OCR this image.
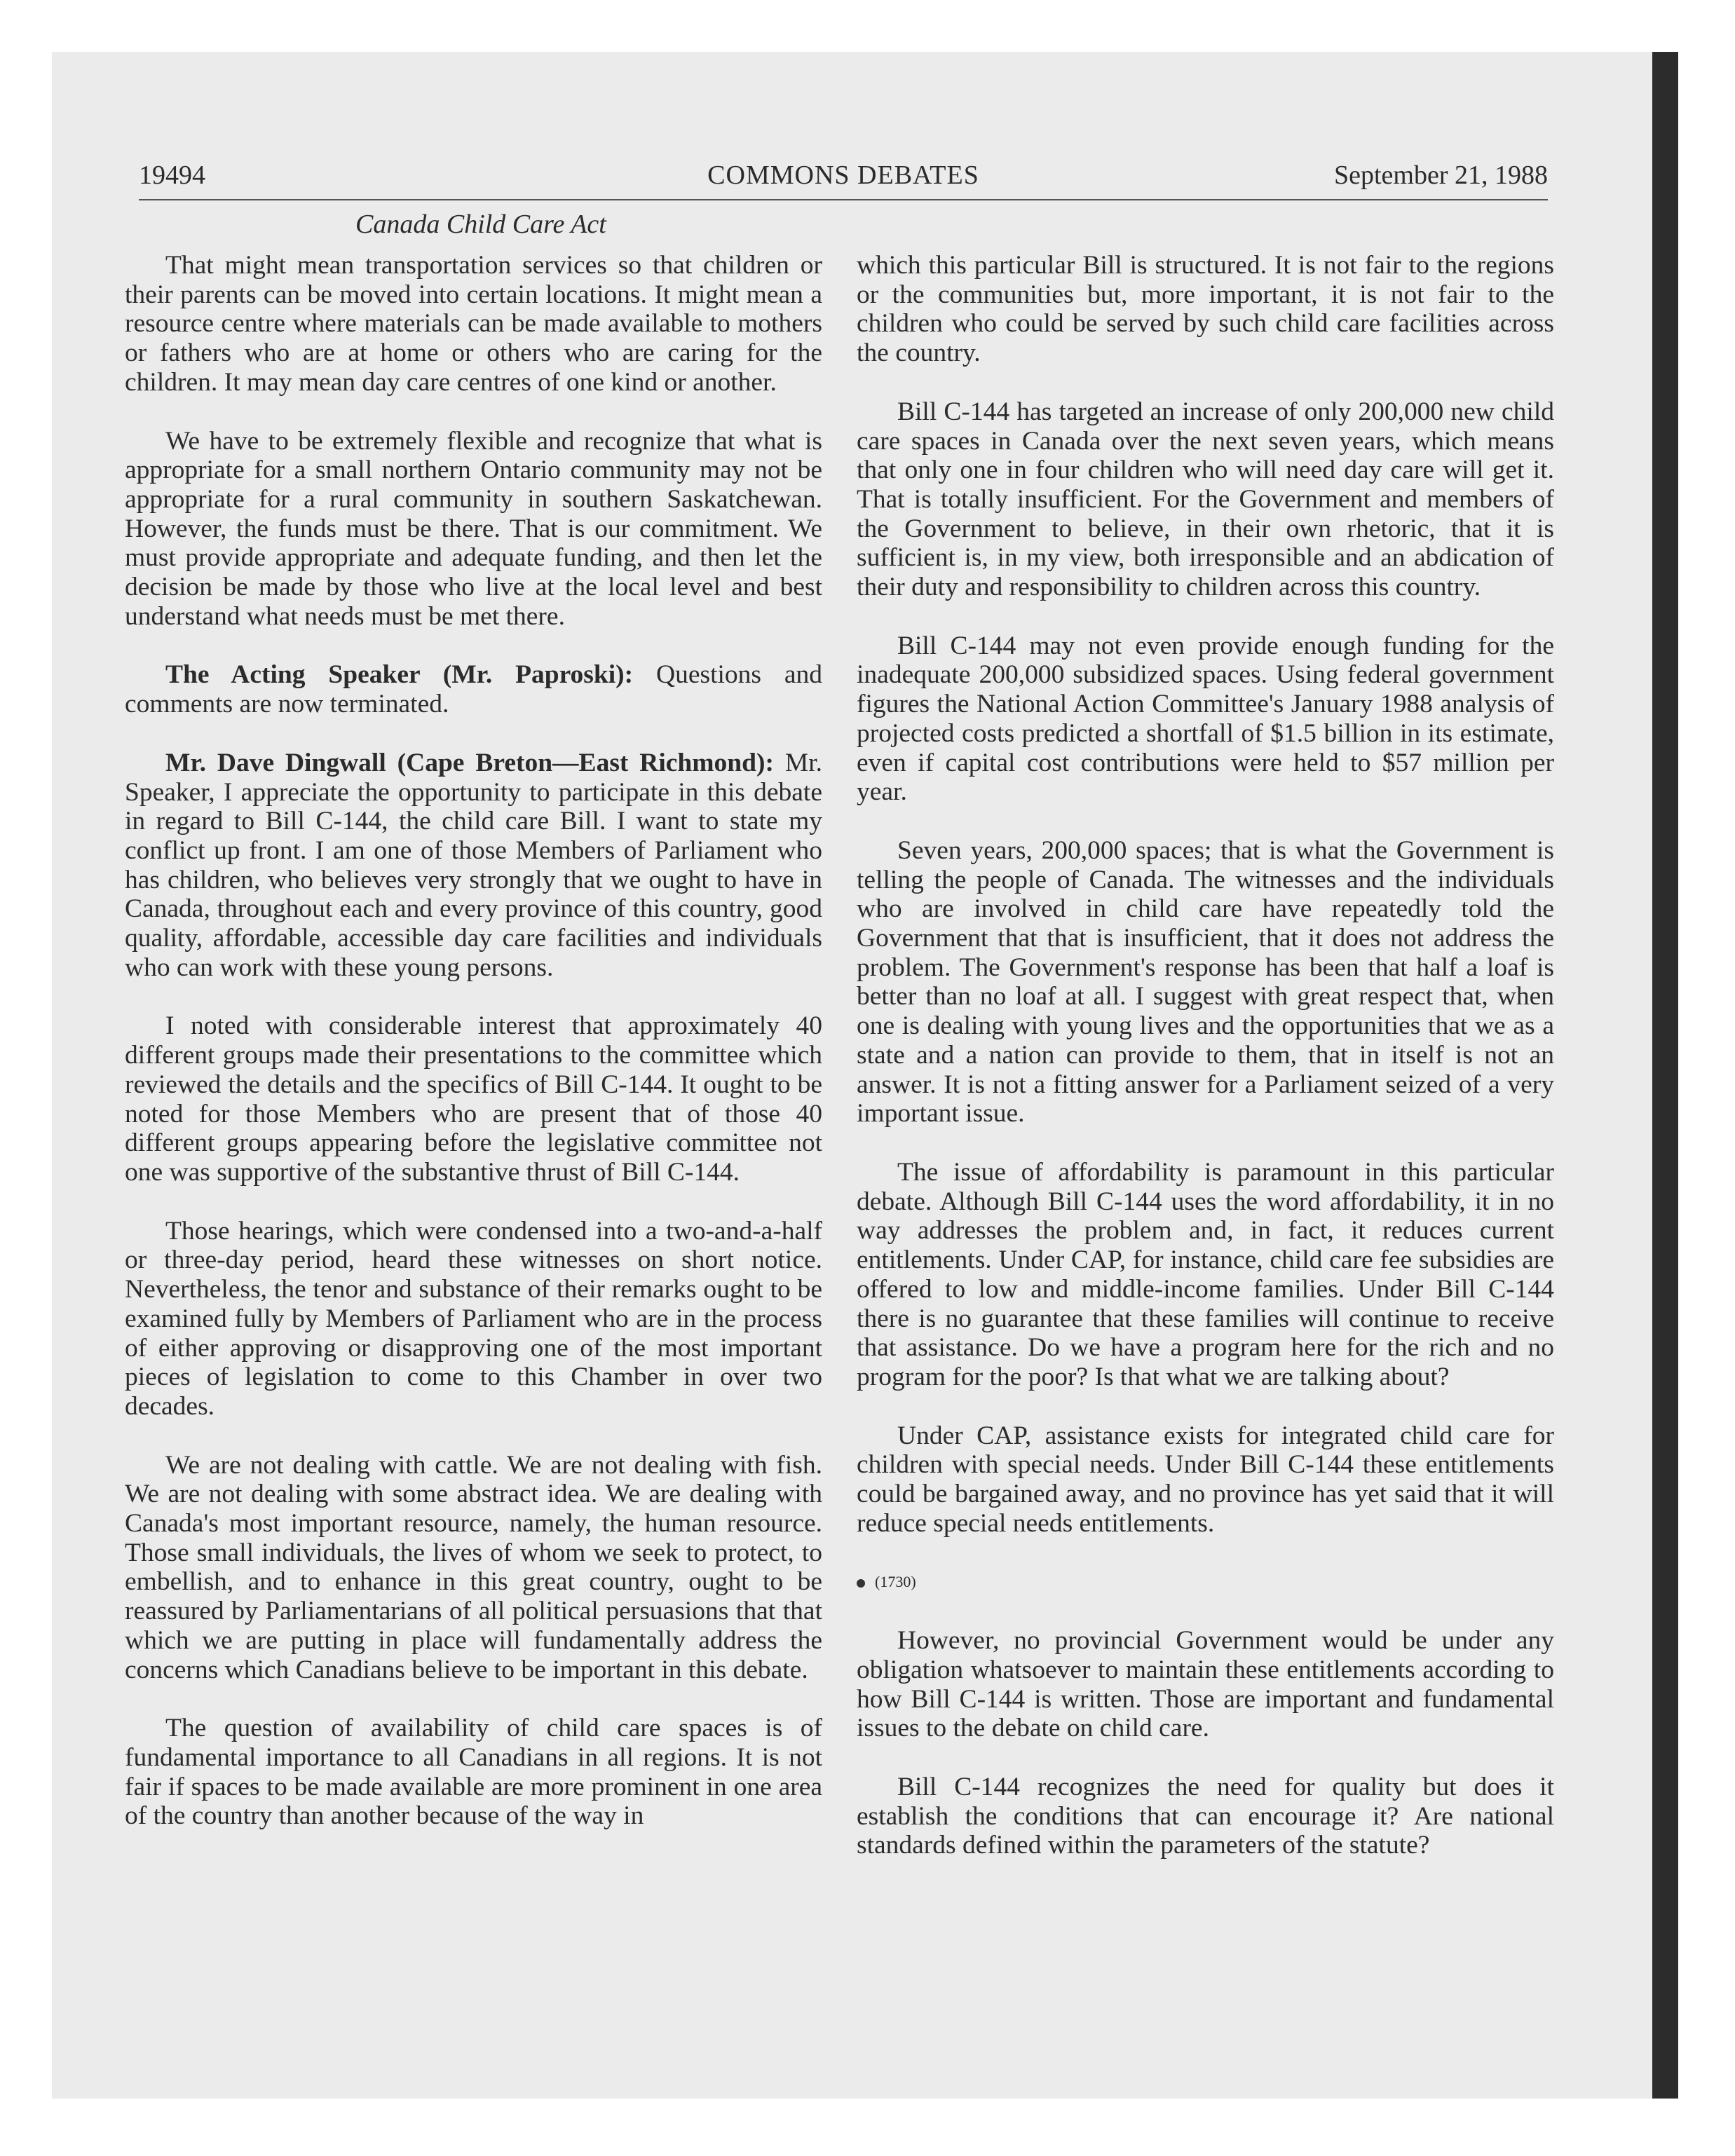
19494	COMMONS DEBATES	September 21, 1988
Canada Child Care Act

That might mean transportation services so that children or their parents can be moved into certain locations. It might mean a resource centre where materials can be made available to mothers or fathers who are at home or others who are caring for the children. It may mean day care centres of one kind or another.

We have to be extremely flexible and recognize that what is appropriate for a small northern Ontario community may not be appropriate for a rural community in southern Saskatchewan. However, the funds must be there. That is our commitment. We must provide appropriate and adequate funding, and then let the decision be made by those who live at the local level and best understand what needs must be met there.

The Acting Speaker (Mr. Paproski): Questions and comments are now terminated.

Mr. Dave Dingwall (Cape Breton—East Richmond): Mr. Speaker, I appreciate the opportunity to participate in this debate in regard to Bill C-144, the child care Bill. I want to state my conflict up front. I am one of those Members of Parliament who has children, who believes very strongly that we ought to have in Canada, throughout each and every province of this country, good quality, affordable, accessible day care facilities and individuals who can work with these young persons.

I noted with considerable interest that approximately 40 different groups made their presentations to the committee which reviewed the details and the specifics of Bill C-144. It ought to be noted for those Members who are present that of those 40 different groups appearing before the legislative committee not one was supportive of the substantive thrust of Bill C-144.

Those hearings, which were condensed into a two-and-a-half or three-day period, heard these witnesses on short notice. Nevertheless, the tenor and substance of their remarks ought to be examined fully by Members of Parliament who are in the process of either approving or disapproving one of the most important pieces of legislation to come to this Chamber in over two decades.

We are not dealing with cattle. We are not dealing with fish. We are not dealing with some abstract idea. We are dealing with Canada's most important resource, namely, the human resource. Those small individuals, the lives of whom we seek to protect, to embellish, and to enhance in this great country, ought to be reassured by Parliamentarians of all political persuasions that that which we are putting in place will fundamentally address the concerns which Canadians believe to be important in this debate.

The question of availability of child care spaces is of fundamental importance to all Canadians in all regions. It is not fair if spaces to be made available are more prominent in one area of the country than another because of the way in

which this particular Bill is structured. It is not fair to the regions or the communities but, more important, it is not fair to the children who could be served by such child care facilities across the country.

Bill C-144 has targeted an increase of only 200,000 new child care spaces in Canada over the next seven years, which means that only one in four children who will need day care will get it. That is totally insufficient. For the Government and members of the Government to believe, in their own rhetoric, that it is sufficient is, in my view, both irresponsible and an abdication of their duty and responsibility to children across this country.

Bill C-144 may not even provide enough funding for the inadequate 200,000 subsidized spaces. Using federal government figures the National Action Committee's January 1988 analysis of projected costs predicted a shortfall of $1.5 billion in its estimate, even if capital cost contributions were held to $57 million per year.

Seven years, 200,000 spaces; that is what the Government is telling the people of Canada. The witnesses and the individuals who are involved in child care have repeatedly told the Government that that is insufficient, that it does not address the problem. The Government's response has been that half a loaf is better than no loaf at all. I suggest with great respect that, when one is dealing with young lives and the opportunities that we as a state and a nation can provide to them, that in itself is not an answer. It is not a fitting answer for a Parliament seized of a very important issue.

The issue of affordability is paramount in this particular debate. Although Bill C-144 uses the word affordability, it in no way addresses the problem and, in fact, it reduces current entitlements. Under CAP, for instance, child care fee subsidies are offered to low and middle-income families. Under Bill C-144 there is no guarantee that these families will continue to receive that assistance. Do we have a program here for the rich and no program for the poor? Is that what we are talking about?

Under CAP, assistance exists for integrated child care for children with special needs. Under Bill C-144 these entitlements could be bargained away, and no province has yet said that it will reduce special needs entitlements.

(1730)

However, no provincial Government would be under any obligation whatsoever to maintain these entitlements according to how Bill C-144 is written. Those are important and fundamental issues to the debate on child care.

Bill C-144 recognizes the need for quality but does it establish the conditions that can encourage it? Are national standards defined within the parameters of the statute?
